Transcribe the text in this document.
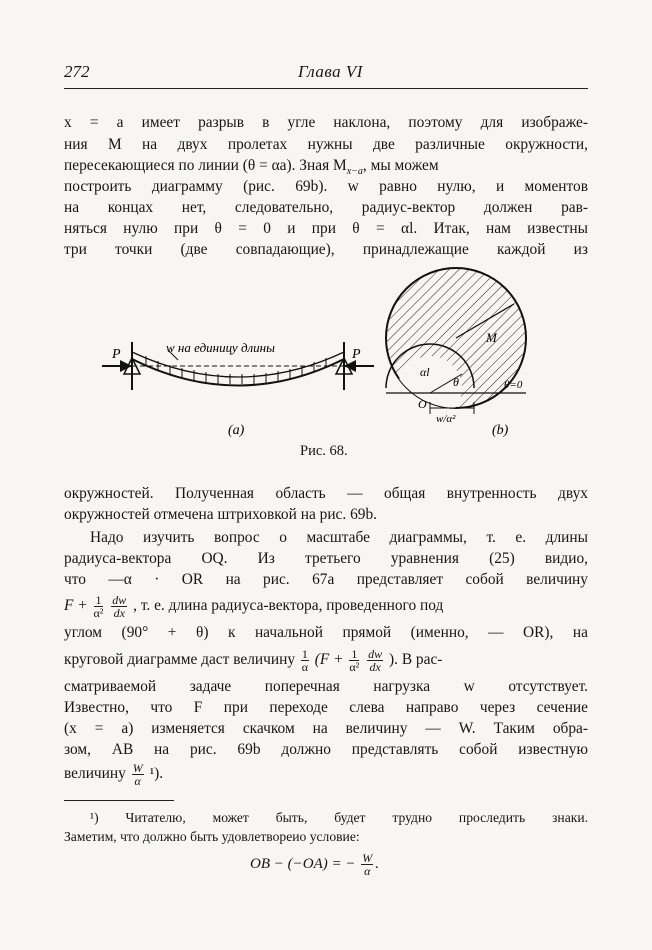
272	Глава VI
x = a имеет разрыв в угле наклона, поэтому для изображе-
ния M на двух пролетах нужны две различные окружности,
пересекающиеся по линии (θ = αa). Зная $M_{x-a}$, мы можем
построить диаграмму (рис. 69b). w равно нулю, и моментов
на концах нет, следовательно, радиус-вектор должен рав-
няться нулю при θ = 0 и при θ = αl. Итак, нам известны
три точки (две совпадающие), принадлежащие каждой из
P	P
w на единицу длины
(a)
M
αl
θ
O
θ=0
w/α²
(b)
Рис. 68.
окружностей. Полученная область — общая внутренность двух
окружностей отмечена штриховкой на рис. 69b.
Надо изучить вопрос о масштабе диаграммы, т. е. длины
радиуса-вектора OQ. Из третьего уравнения (25) видио,
что —α · OR на рис. 67a представляет собой величину
$F + \frac{1}{\text{α²}}$
$\frac{dw}{dx}$ , т. е. длина радиуса-вектора, проведенного под
углом (90° + θ) к начальной прямой (именно, — OR), на
круговой диаграмме даст величину $\frac{1}{\alpha} (F + \frac{1}{\text{α²}}$
$\frac{dw}{dx}$ ). В рас-
сматриваемой задаче поперечная нагрузка w отсутствует.
Известно, что F при переходе слева направо через сечение
(x = a) изменяется скачком на величину — W. Таким обра-
зом, AB на рис. 69b должно представлять собой известную
величину $\frac{W}{\alpha} ^1$).
¹) Читателю, может быть, будет трудно проследить знаки.
Заметим, что должно быть удовлетвореио условие:
OB − (−OA) = − $\frac{W}{\alpha}$ .
